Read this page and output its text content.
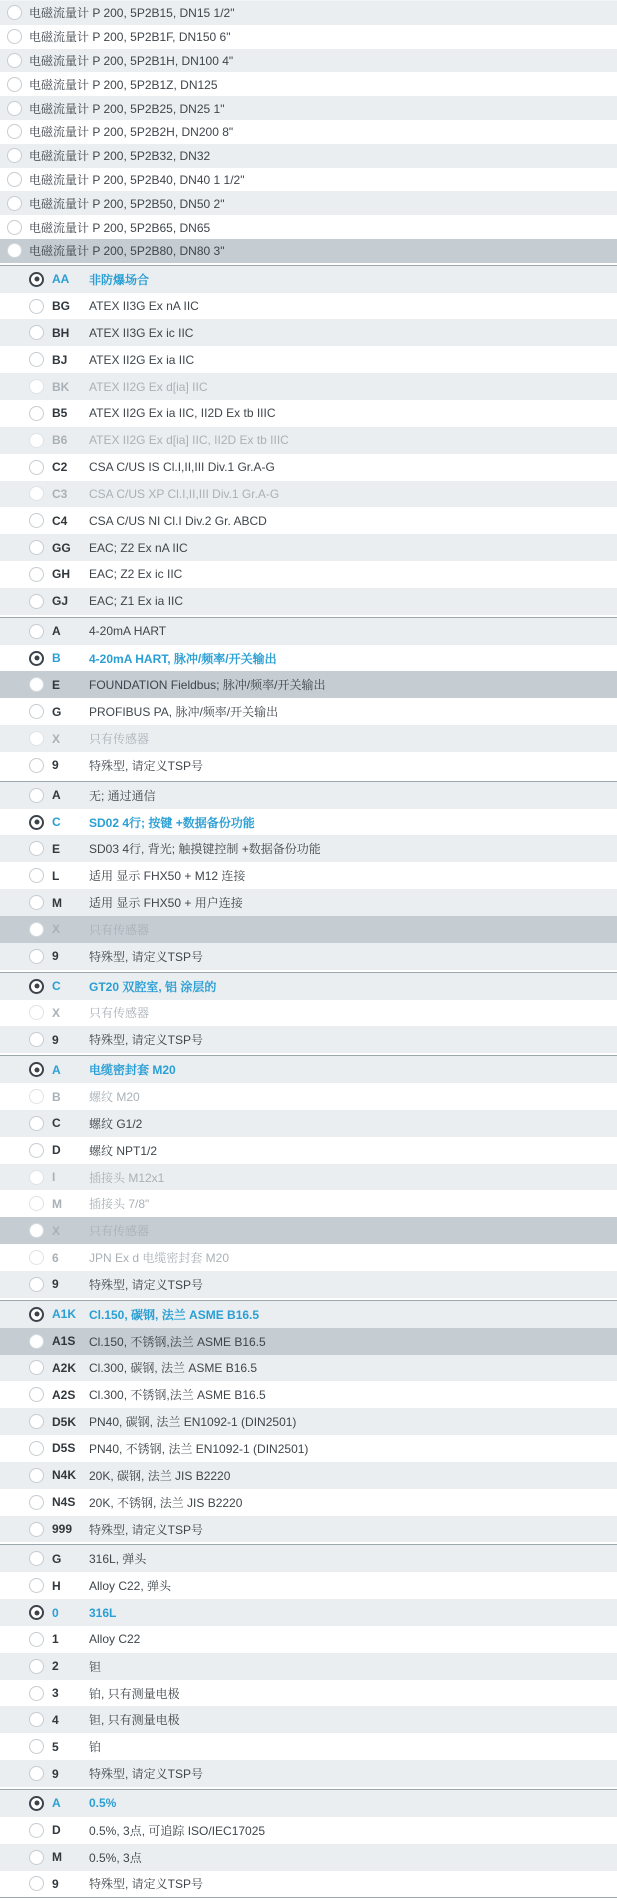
电磁流量计 P 200, 5P2B15, DN15 1/2"
电磁流量计 P 200, 5P2B1F, DN150 6"
电磁流量计 P 200, 5P2B1H, DN100 4"
电磁流量计 P 200, 5P2B1Z, DN125
电磁流量计 P 200, 5P2B25, DN25 1"
电磁流量计 P 200, 5P2B2H, DN200 8"
电磁流量计 P 200, 5P2B32, DN32
电磁流量计 P 200, 5P2B40, DN40 1 1/2"
电磁流量计 P 200, 5P2B50, DN50 2"
电磁流量计 P 200, 5P2B65, DN65
电磁流量计 P 200, 5P2B80, DN80 3"
AA	非防爆场合
BG	ATEX II3G Ex nA IIC
BH	ATEX II3G Ex ic IIC
BJ	ATEX II2G Ex ia IIC
BK	ATEX II2G Ex d[ia] IIC
B5	ATEX II2G Ex ia IIC, II2D Ex tb IIIC
B6	ATEX II2G Ex d[ia] IIC, II2D Ex tb IIIC
C2	CSA C/US IS Cl.I,II,III Div.1 Gr.A-G
C3	CSA C/US XP Cl.I,II,III Div.1 Gr.A-G
C4	CSA C/US NI Cl.I Div.2 Gr. ABCD
GG	EAC; Z2 Ex nA IIC
GH	EAC; Z2 Ex ic IIC
GJ	EAC; Z1 Ex ia IIC
A	4-20mA HART
B	4-20mA HART, 脉冲/频率/开关输出
E	FOUNDATION Fieldbus; 脉冲/频率/开关输出
G	PROFIBUS PA, 脉冲/频率/开关输出
X	只有传感器
9	特殊型, 请定义TSP号
A	无; 通过通信
C	SD02 4行; 按键 +数据备份功能
E	SD03 4行, 背光; 触摸键控制 +数据备份功能
L	适用 显示 FHX50 + M12 连接
M	适用 显示 FHX50 + 用户连接
X	只有传感器
9	特殊型, 请定义TSP号
C	GT20 双腔室, 铝 涂层的
X	只有传感器
9	特殊型, 请定义TSP号
A	电缆密封套 M20
B	螺纹 M20
C	螺纹 G1/2
D	螺纹 NPT1/2
I	插接头 M12x1
M	插接头 7/8"
X	只有传感器
6	JPN Ex d 电缆密封套 M20
9	特殊型, 请定义TSP号
A1K	Cl.150, 碳钢, 法兰 ASME B16.5
A1S	Cl.150, 不锈钢,法兰 ASME B16.5
A2K	Cl.300, 碳钢, 法兰 ASME B16.5
A2S	Cl.300, 不锈钢,法兰 ASME B16.5
D5K	PN40, 碳钢, 法兰 EN1092-1 (DIN2501)
D5S	PN40, 不锈钢, 法兰 EN1092-1 (DIN2501)
N4K	20K, 碳钢, 法兰 JIS B2220
N4S	20K, 不锈钢, 法兰 JIS B2220
999	特殊型, 请定义TSP号
G	316L, 弹头
H	Alloy C22, 弹头
0	316L
1	Alloy C22
2	钽
3	铂, 只有测量电极
4	钽, 只有测量电极
5	铂
9	特殊型, 请定义TSP号
A	0.5%
D	0.5%, 3点, 可追踪 ISO/IEC17025
M	0.5%, 3点
9	特殊型, 请定义TSP号
